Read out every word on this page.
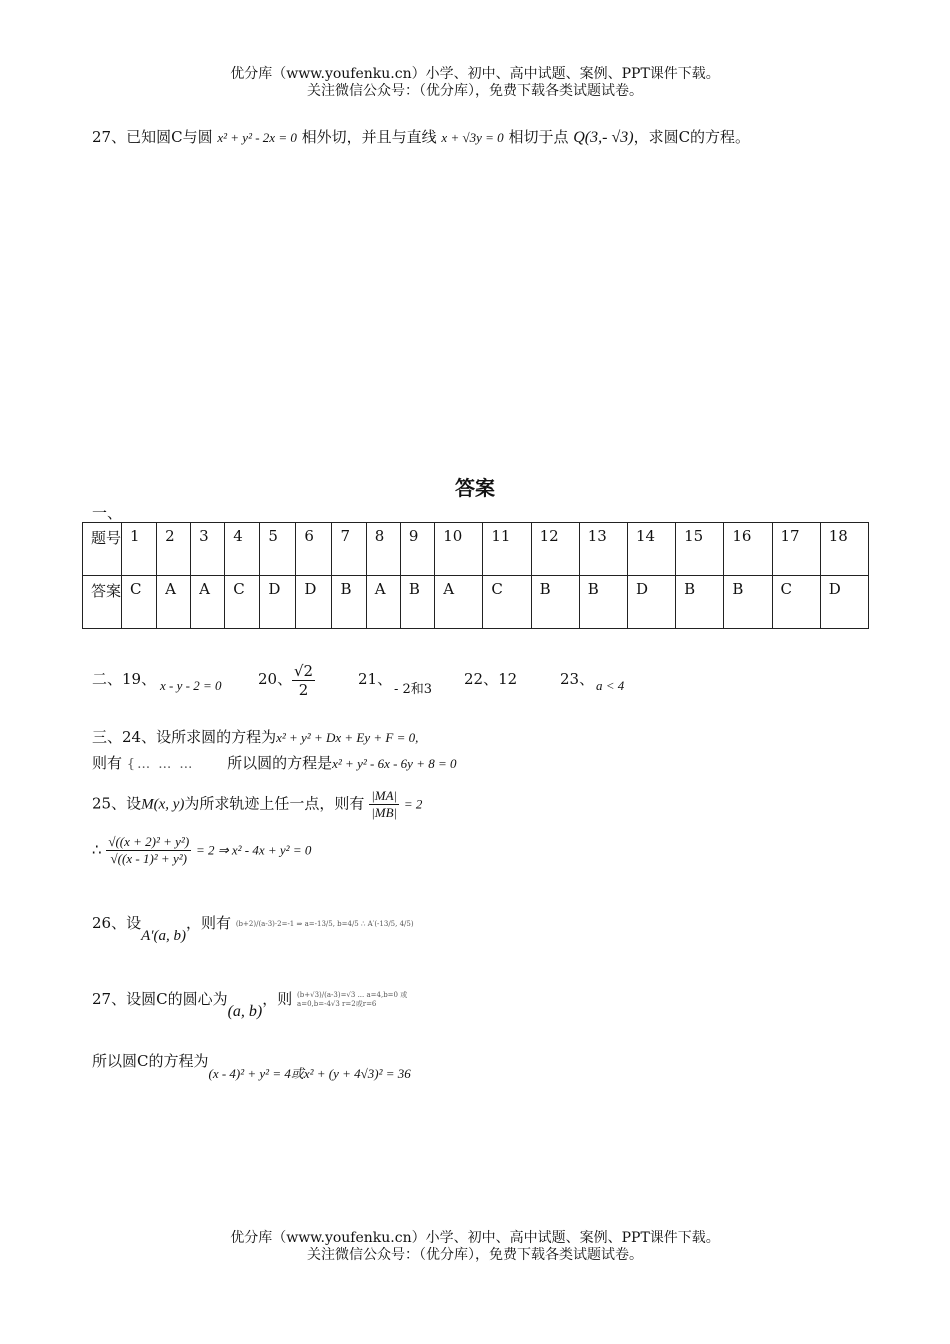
优分库（www.youfenku.cn）小学、初中、高中试题、案例、PPT课件下载。
关注微信公众号：（优分库），免费下载各类试题试卷。
27、已知圆C与圆 x² + y² - 2x = 0 相外切，并且与直线 x + √3y = 0 相切于点 Q(3,- √3)，求圆C的方程。
答案
一、
题号	1	2	3	4	5	6	7	8	9	10	11	12	13	14	15	16	17	18
答案	C	A	A	C	D	D	B	A	B	A	C	B	B	D	B	B	C	D
二、19、 x - y - 2 = 0 20、 $\frac{√2}{2}$	21、
- 2和3
22、12	23、 a < 4
三、24、设所求圆的方程为x² + y² + Dx + Ey + F = 0,
则有 {… … … 所以圆的方程是x² + y² - 6x - 6y + 8 = 0
25、设M(x, y)为所求轨迹上任一点，则有 $\frac{|MA|}{|MB|} = 2$
∴ $\frac{\text{√((x + 2)² + y²)}}{\text{√((x - 1)² + y²)}} = 2$ ⇒ x² - 4x + y² = 0
26、设A′(a, b)，则有 (b+2)/(a-3)·2=-1 ⇒ a=-13/5, b=4/5 ∴ A′(-13/5, 4/5)
27、设圆C的圆心为(a, b)，则 (b+√3)/(a-3)=√3 ... a=4,b=0 或 a=0,b=-4√3 r=2或r=6
所以圆C的方程为(x - 4)² + y² = 4或x² + (y + 4√3)² = 36
优分库（www.youfenku.cn）小学、初中、高中试题、案例、PPT课件下载。
关注微信公众号：（优分库），免费下载各类试题试卷。
